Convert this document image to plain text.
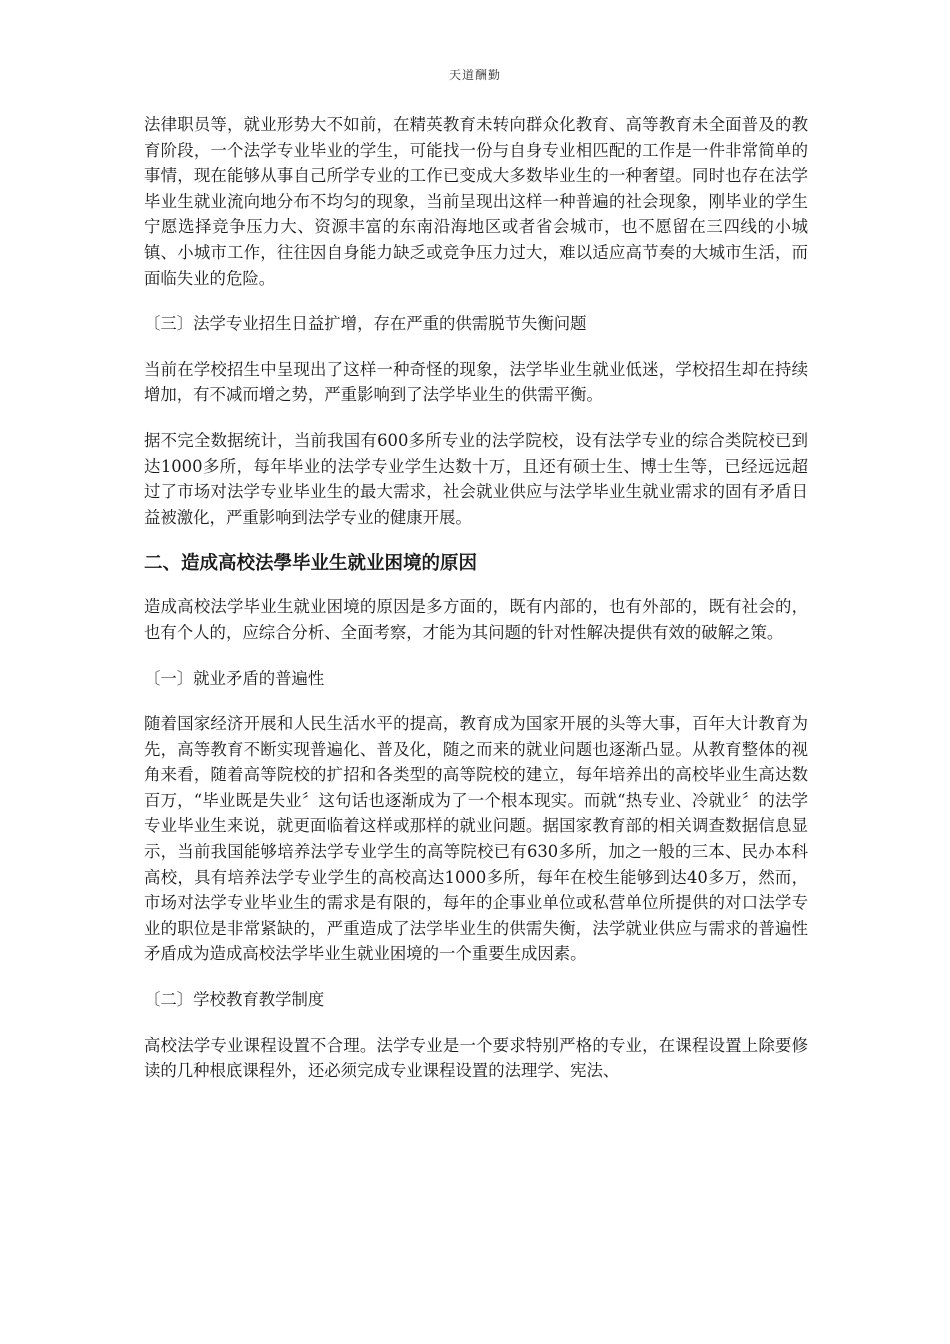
天道酬勤

法律职员等，就业形势大不如前，在精英教育未转向群众化教育、高等教育未全面普及的教育阶段，一个法学专业毕业的学生，可能找一份与自身专业相匹配的工作是一件非常简单的事情，现在能够从事自己所学专业的工作已变成大多数毕业生的一种奢望。同时也存在法学毕业生就业流向地分布不均匀的现象，当前呈现出这样一种普遍的社会现象，刚毕业的学生宁愿选择竞争压力大、资源丰富的东南沿海地区或者省会城市，也不愿留在三四线的小城镇、小城市工作，往往因自身能力缺乏或竞争压力过大，难以适应高节奏的大城市生活，而面临失业的危险。

〔三〕法学专业招生日益扩增，存在严重的供需脱节失衡问题

当前在学校招生中呈现出了这样一种奇怪的现象，法学毕业生就业低迷，学校招生却在持续增加，有不减而增之势，严重影响到了法学毕业生的供需平衡。

据不完全数据统计，当前我国有600多所专业的法学院校，设有法学专业的综合类院校已到达1000多所，每年毕业的法学专业学生达数十万，且还有硕士生、博士生等，已经远远超过了市场对法学专业毕业生的最大需求，社会就业供应与法学毕业生就业需求的固有矛盾日益被激化，严重影响到法学专业的健康开展。

二、造成高校法學毕业生就业困境的原因

造成高校法学毕业生就业困境的原因是多方面的，既有内部的，也有外部的，既有社会的，也有个人的，应综合分析、全面考察，才能为其问题的针对性解决提供有效的破解之策。

〔一〕就业矛盾的普遍性

随着国家经济开展和人民生活水平的提高，教育成为国家开展的头等大事，百年大计教育为先，高等教育不断实现普遍化、普及化，随之而来的就业问题也逐渐凸显。从教育整体的视角来看，随着高等院校的扩招和各类型的高等院校的建立，每年培养出的高校毕业生高达数百万，“毕业既是失业〞这句话也逐渐成为了一个根本现实。而就“热专业、冷就业〞的法学专业毕业生来说，就更面临着这样或那样的就业问题。据国家教育部的相关调查数据信息显示，当前我国能够培养法学专业学生的高等院校已有630多所，加之一般的三本、民办本科高校，具有培养法学专业学生的高校高达1000多所，每年在校生能够到达40多万，然而，市场对法学专业毕业生的需求是有限的，每年的企事业单位或私营单位所提供的对口法学专业的职位是非常紧缺的，严重造成了法学毕业生的供需失衡，法学就业供应与需求的普遍性矛盾成为造成高校法学毕业生就业困境的一个重要生成因素。

〔二〕学校教育教学制度

高校法学专业课程设置不合理。法学专业是一个要求特别严格的专业，在课程设置上除要修读的几种根底课程外，还必须完成专业课程设置的法理学、宪法、
